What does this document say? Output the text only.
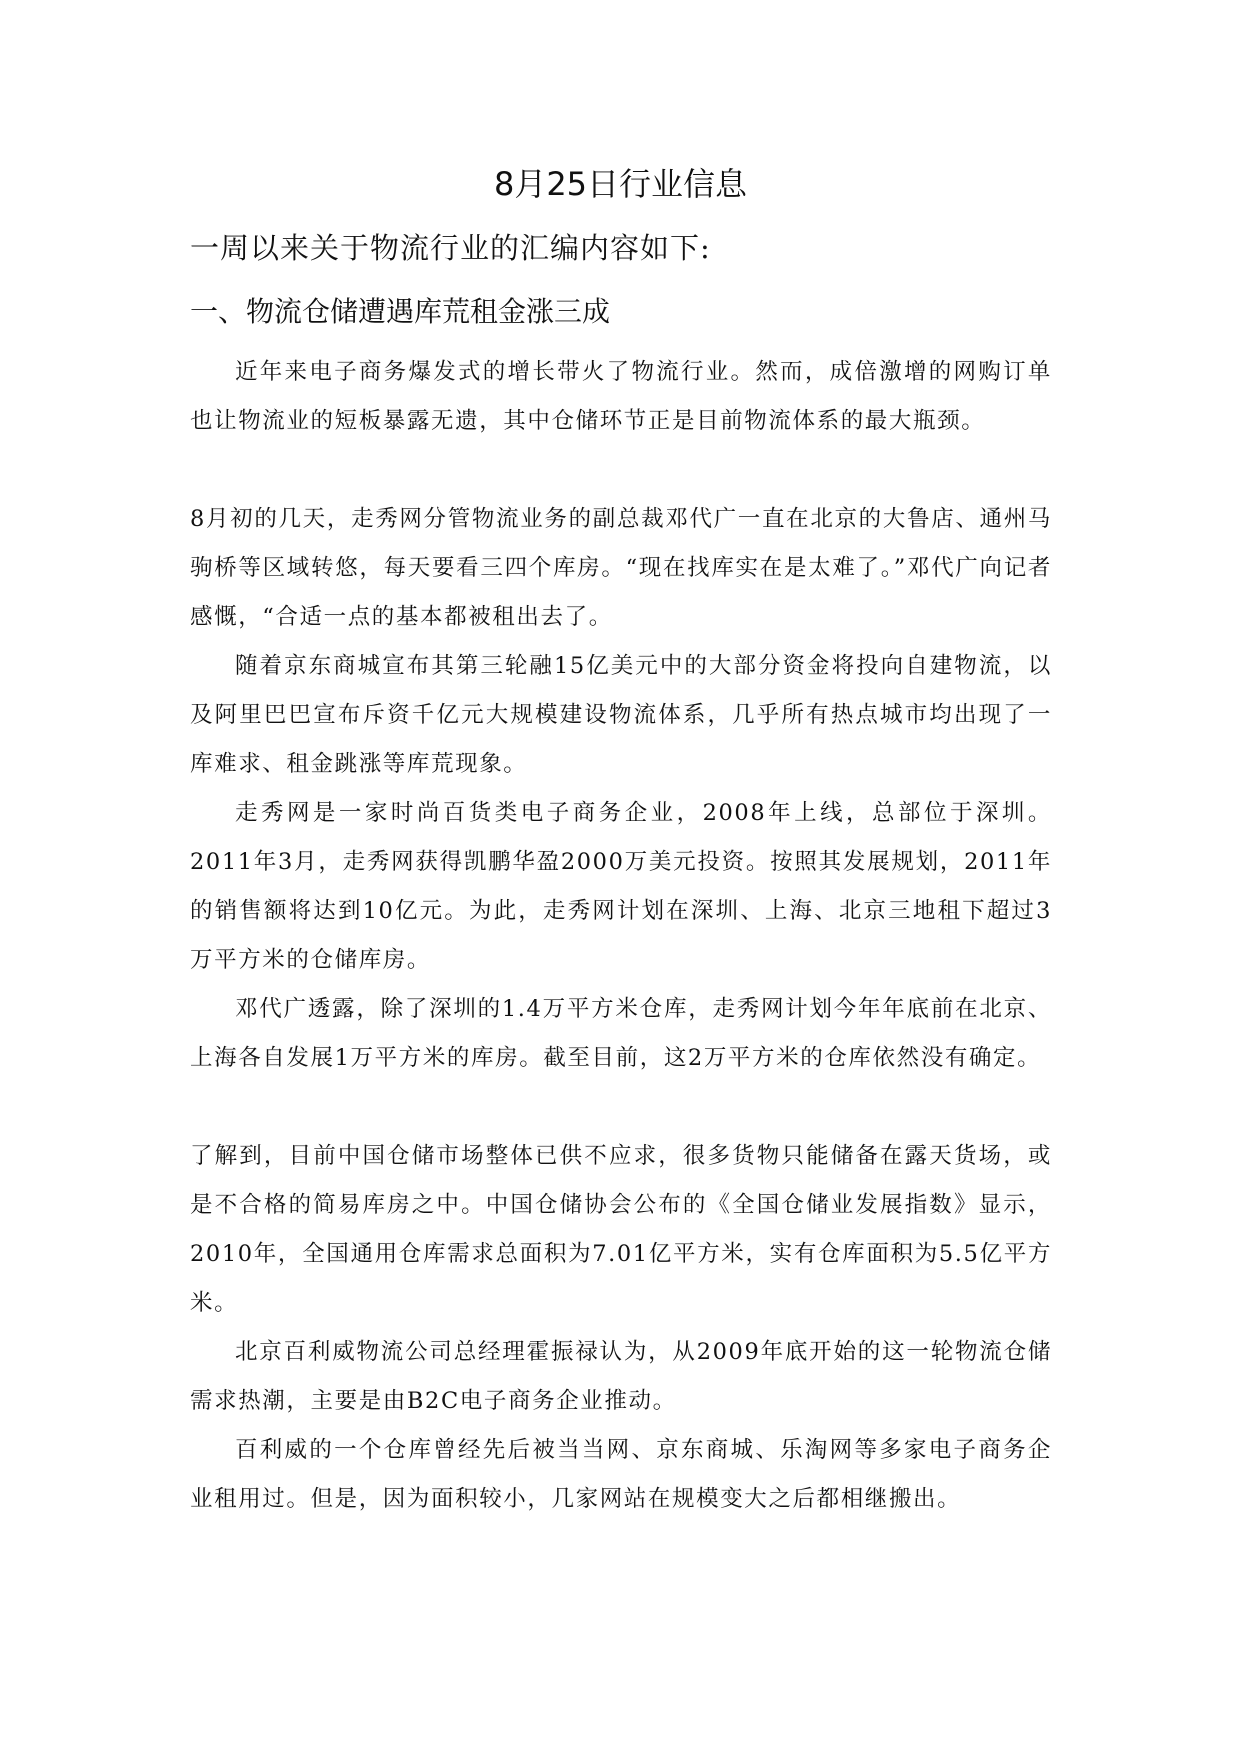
8月25日行业信息

一周以来关于物流行业的汇编内容如下:

一、物流仓储遭遇库荒租金涨三成

近年来电子商务爆发式的增长带火了物流行业。然而，成倍激增的网购订单也让物流业的短板暴露无遗，其中仓储环节正是目前物流体系的最大瓶颈。

8月初的几天，走秀网分管物流业务的副总裁邓代广一直在北京的大鲁店、通州马驹桥等区域转悠，每天要看三四个库房。“现在找库实在是太难了。”邓代广向记者感慨，“合适一点的基本都被租出去了。

随着京东商城宣布其第三轮融15亿美元中的大部分资金将投向自建物流，以及阿里巴巴宣布斥资千亿元大规模建设物流体系，几乎所有热点城市均出现了一库难求、租金跳涨等库荒现象。

走秀网是一家时尚百货类电子商务企业，2008年上线，总部位于深圳。2011年3月，走秀网获得凯鹏华盈2000万美元投资。按照其发展规划，2011年的销售额将达到10亿元。为此，走秀网计划在深圳、上海、北京三地租下超过3万平方米的仓储库房。

邓代广透露，除了深圳的1.4万平方米仓库，走秀网计划今年年底前在北京、上海各自发展1万平方米的库房。截至目前，这2万平方米的仓库依然没有确定。

了解到，目前中国仓储市场整体已供不应求，很多货物只能储备在露天货场，或是不合格的简易库房之中。中国仓储协会公布的《全国仓储业发展指数》显示，2010年，全国通用仓库需求总面积为7.01亿平方米，实有仓库面积为5.5亿平方米。

北京百利威物流公司总经理霍振禄认为，从2009年底开始的这一轮物流仓储需求热潮，主要是由B2C电子商务企业推动。

百利威的一个仓库曾经先后被当当网、京东商城、乐淘网等多家电子商务企业租用过。但是，因为面积较小，几家网站在规模变大之后都相继搬出。
